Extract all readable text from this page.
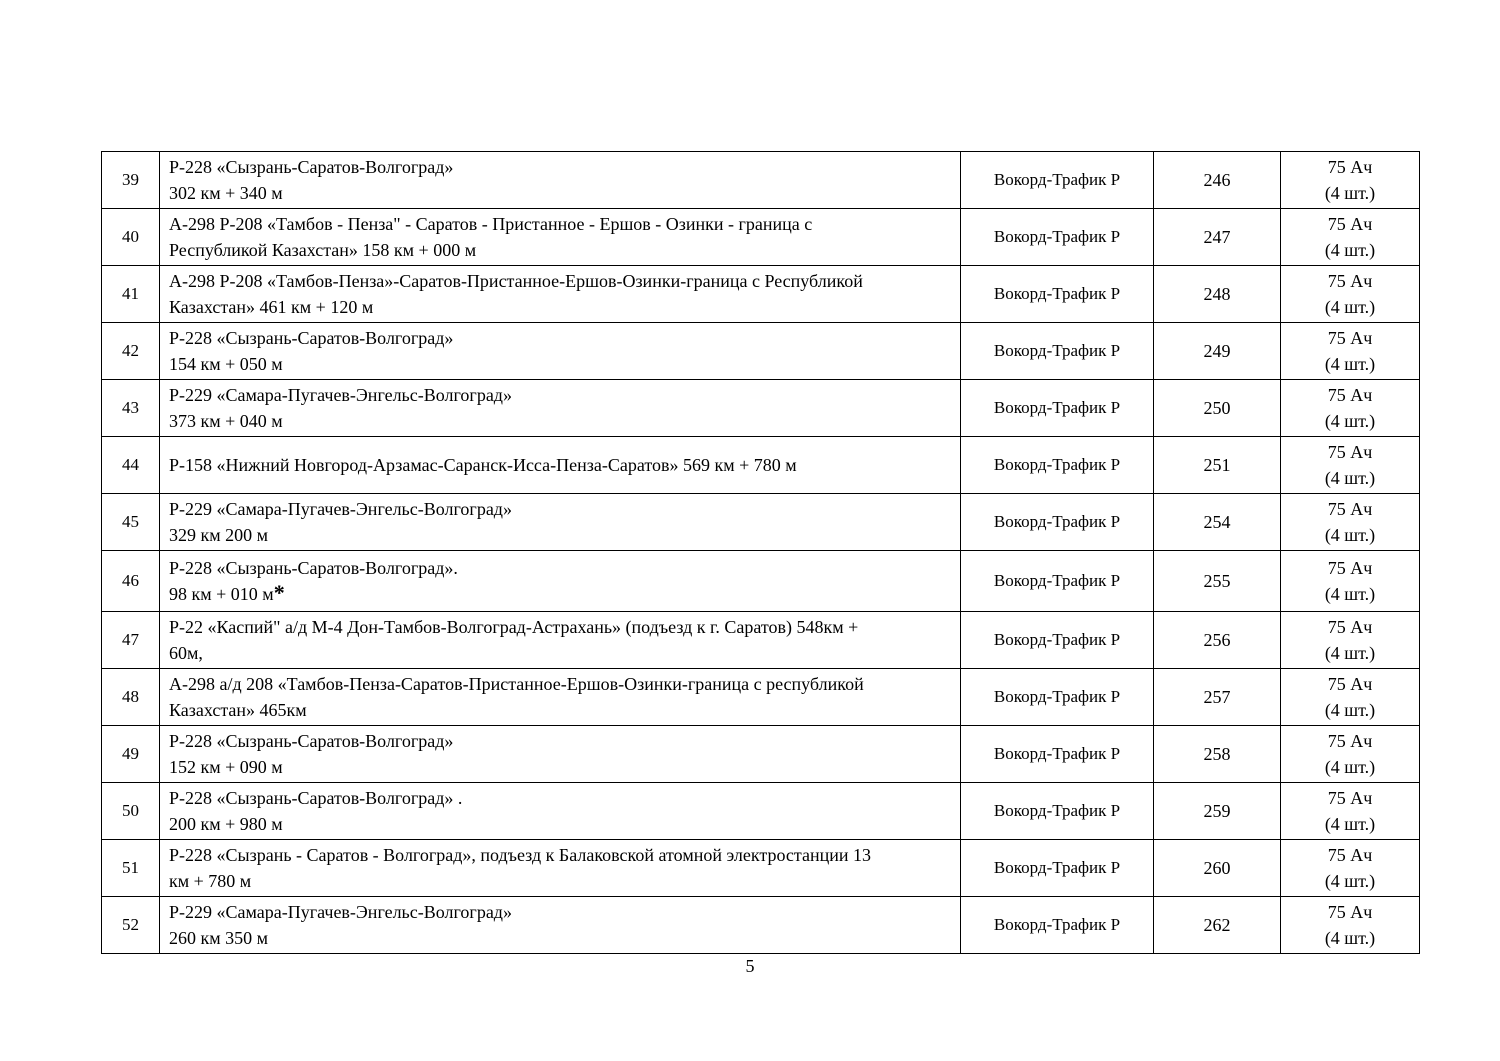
39	Р-228 «Сызрань-Саратов-Волгоград»
302 км + 340 м	Вокорд-Трафик Р	246	75 Ач
(4 шт.)

40	А-298 Р-208 «Тамбов - Пенза" - Саратов - Пристанное - Ершов - Озинки - граница с
Республикой Казахстан» 158 км + 000 м	Вокорд-Трафик Р	247	75 Ач
(4 шт.)

41	А-298 Р-208 «Тамбов-Пенза»-Саратов-Пристанное-Ершов-Озинки-граница с Республикой
Казахстан» 461 км + 120 м	Вокорд-Трафик Р	248	75 Ач
(4 шт.)

42	Р-228 «Сызрань-Саратов-Волгоград»
154 км + 050 м	Вокорд-Трафик Р	249	75 Ач
(4 шт.)

43	Р-229 «Самара-Пугачев-Энгельс-Волгоград»
373 км + 040 м	Вокорд-Трафик Р	250	75 Ач
(4 шт.)

44	Р-158 «Нижний Новгород-Арзамас-Саранск-Исса-Пенза-Саратов» 569 км + 780 м	Вокорд-Трафик Р	251	75 Ач
(4 шт.)

45	Р-229 «Самара-Пугачев-Энгельс-Волгоград»
329 км 200 м	Вокорд-Трафик Р	254	75 Ач
(4 шт.)

46	Р-228 «Сызрань-Саратов-Волгоград».
98 км + 010 м*	Вокорд-Трафик Р	255	75 Ач
(4 шт.)

47	Р-22 «Каспий" а/д М-4 Дон-Тамбов-Волгоград-Астрахань» (подъезд к г. Саратов) 548км +
60м,	Вокорд-Трафик Р	256	75 Ач
(4 шт.)

48	А-298 а/д 208 «Тамбов-Пенза-Саратов-Пристанное-Ершов-Озинки-граница с республикой
Казахстан» 465км	Вокорд-Трафик Р	257	75 Ач
(4 шт.)

49	Р-228 «Сызрань-Саратов-Волгоград»
152 км + 090 м	Вокорд-Трафик Р	258	75 Ач
(4 шт.)

50	Р-228 «Сызрань-Саратов-Волгоград» .
200 км + 980 м	Вокорд-Трафик Р	259	75 Ач
(4 шт.)

51	Р-228 «Сызрань - Саратов - Волгоград», подъезд к Балаковской атомной электростанции 13
км + 780 м	Вокорд-Трафик Р	260	75 Ач
(4 шт.)

52	Р-229 «Самара-Пугачев-Энгельс-Волгоград»
260 км 350 м	Вокорд-Трафик Р	262	75 Ач
(4 шт.)
5
